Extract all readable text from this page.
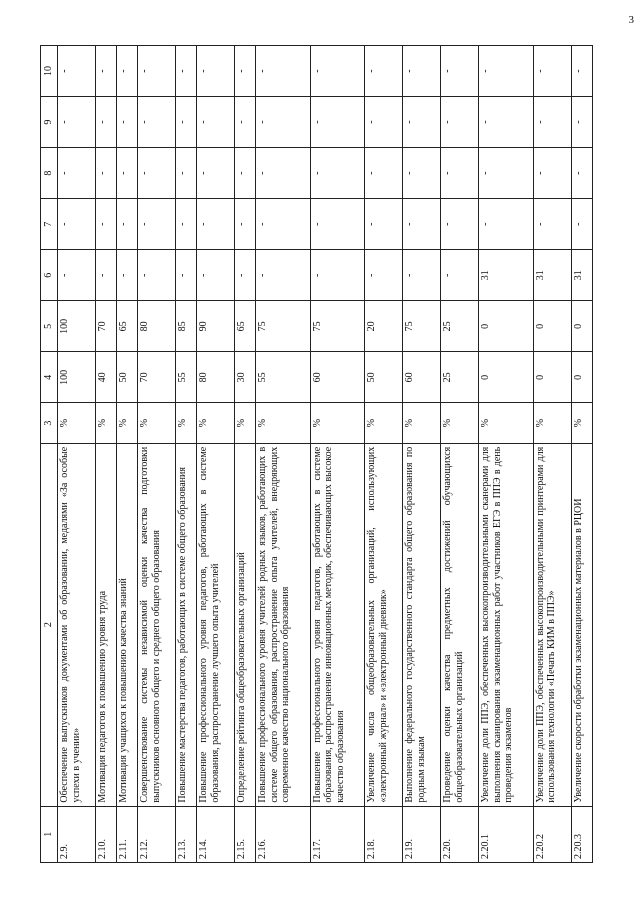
3
1	2	3	4	5	6	7	8	9	10
2.9.	Обеспечение выпускников документами об образовании, медалями «За особые успехи в учении»	%	100	100	-	-	-	-	-
2.10.	Мотивация педагогов к повышению уровня труда	%	40	70	-	-	-	-	-
2.11.	Мотивация учащихся к повышению качества знаний	%	50	65	-	-	-	-	-
2.12.	Совершенствование системы независимой оценки качества подготовки выпускников основного общего и среднего общего образования	%	70	80	-	-	-	-	-
2.13.	Повышение мастерства педагогов, работающих в системе общего образования	%	55	85	-	-	-	-	-
2.14.	Повышение профессионального уровня педагогов, работающих в системе образования, распространение лучшего опыта учителей	%	80	90	-	-	-	-	-
2.15.	Определение рейтинга общеобразовательных организаций	%	30	65	-	-	-	-	-
2.16.	Повышение профессионального уровня учителей родных языков, работающих в системе общего образования, распространение опыта учителей, внедряющих современное качество национального образования	%	55	75	-	-	-	-	-
2.17.	Повышение профессионального уровня педагогов, работающих в системе образования, распространение инновационных методик, обеспечивающих высокое качество образования	%	60	75	-	-	-	-	-
2.18.	Увеличение числа общеобразовательных организаций, использующих «электронный журнал» и «электронный дневник»	%	50	20	-	-	-	-	-
2.19.	Выполнение федерального государственного стандарта общего образования по родным языкам	%	60	75	-	-	-	-	-
2.20.	Проведение оценки качества предметных достижений обучающихся общеобразовательных организаций	%	25	25	-	-	-	-	-
2.20.1	Увеличение доли ППЭ, обеспеченных высокопроизводительными сканерами для выполнения сканирования экзаменационных работ участников ЕГЭ в ППЭ в день проведения экзаменов	%	0	0	31	-	-	-	-
2.20.2	Увеличение доли ППЭ, обеспеченных высокопроизводительными принтерами для использования технологии «Печать КИМ в ППЭ»	%	0	0	31	-	-	-	-
2.20.3	Увеличение скорости обработки экзаменационных материалов в РЦОИ	%	0	0	31	-	-	-	-
